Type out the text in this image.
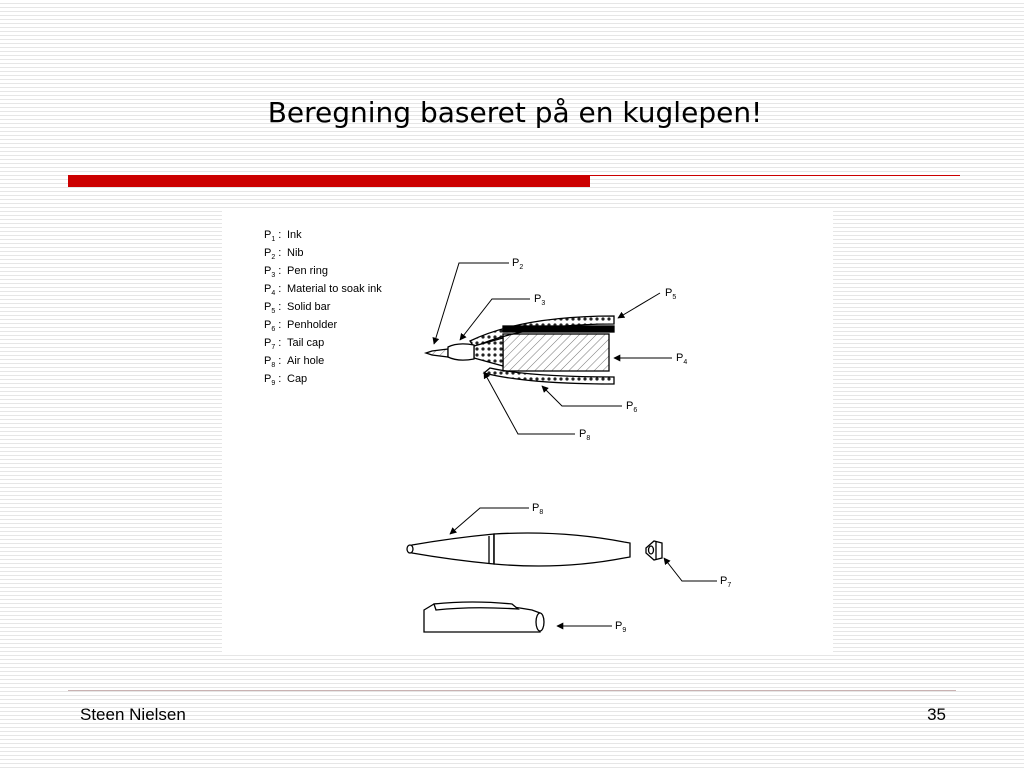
Beregning baseret på en kuglepen!
$P_1$ : Ink
$P_2$ : Nib
$P_3$ : Pen ring
$P_4$ : Material to soak ink
$P_5$ : Solid bar
$P_6$ : Penholder
$P_7$ : Tail cap
$P_8$ : Air hole
$P_9$ : Cap
$P_2$
$P_3$
$P_5$
$P_4$
$P_6$
$P_8$
$P_8$
$P_7$
$P_9$
Steen Nielsen	35
